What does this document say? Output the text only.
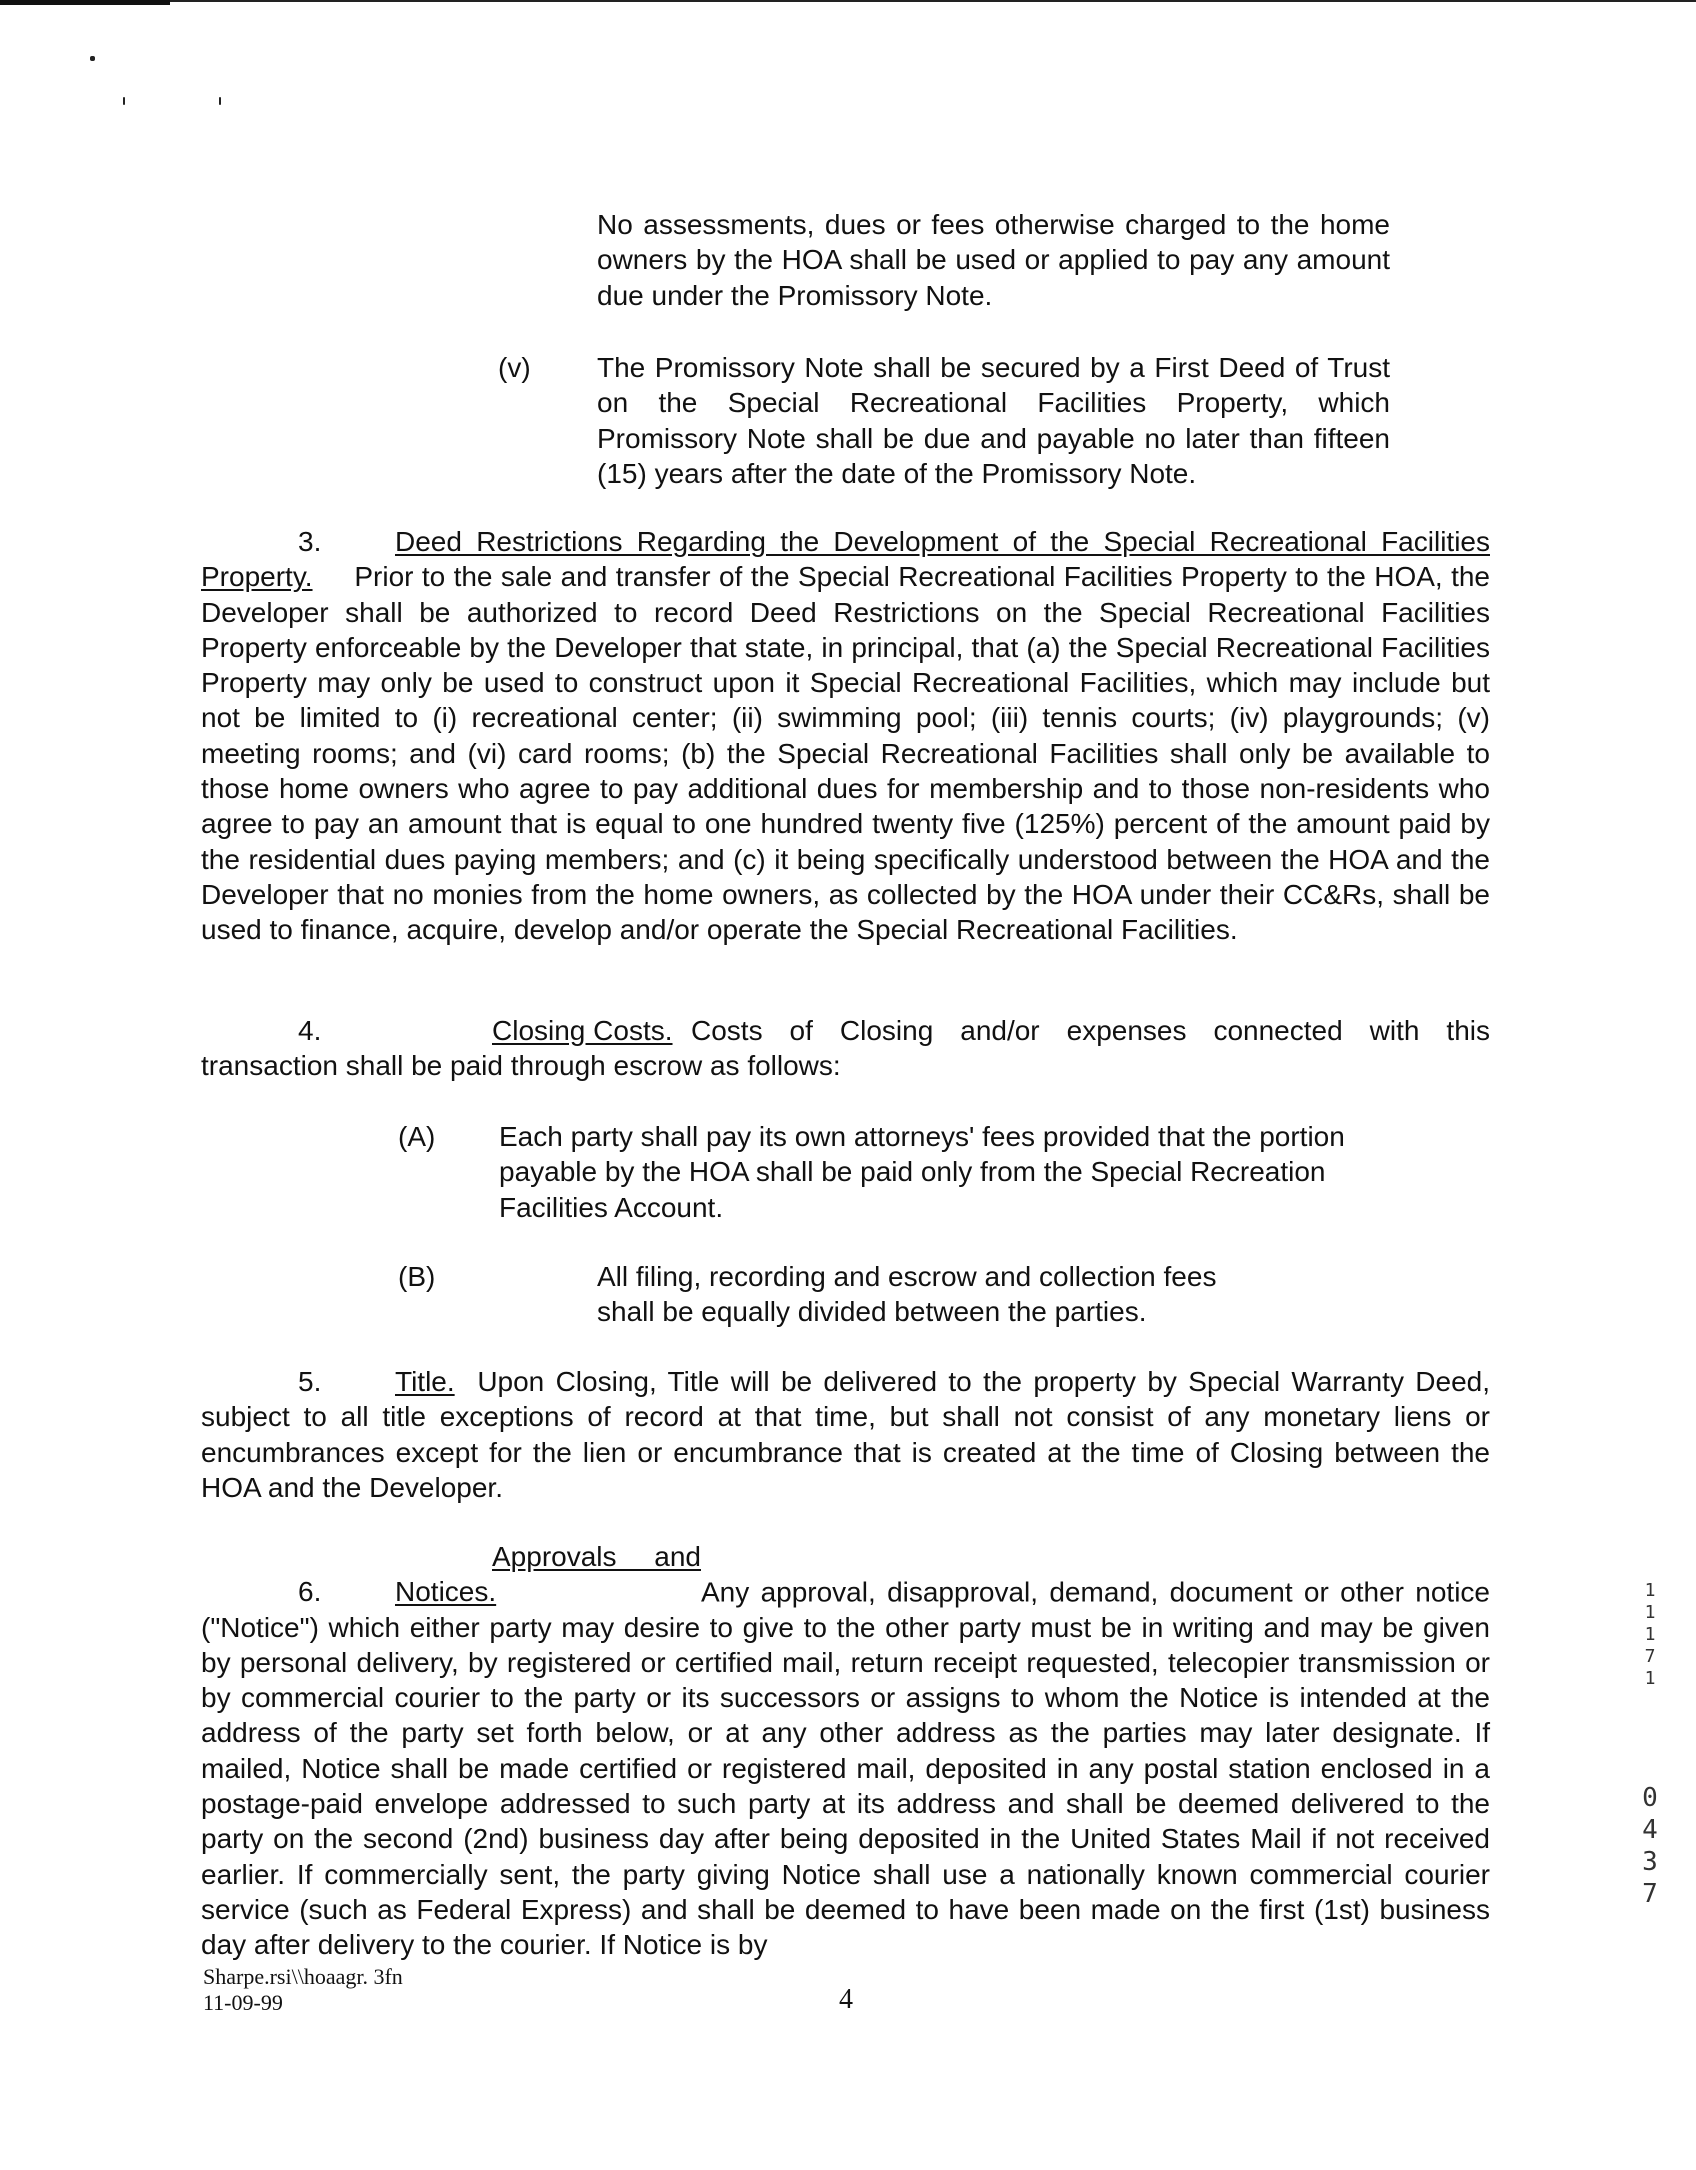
No assessments, dues or fees otherwise charged to the home owners by the HOA shall be used or applied to pay any amount due under the Promissory Note.

(v) The Promissory Note shall be secured by a First Deed of Trust on the Special Recreational Facilities Property, which Promissory Note shall be due and payable no later than fifteen (15) years after the date of the Promissory Note.

3.	Deed Restrictions Regarding the Development of the Special Recreational Facilities Property. Prior to the sale and transfer of the Special Recreational Facilities Property to the HOA, the Developer shall be authorized to record Deed Restrictions on the Special Recreational Facilities Property enforceable by the Developer that state, in principal, that (a) the Special Recreational Facilities Property may only be used to construct upon it Special Recreational Facilities, which may include but not be limited to (i) recreational center; (ii) swimming pool; (iii) tennis courts; (iv) playgrounds; (v) meeting rooms; and (vi) card rooms; (b) the Special Recreational Facilities shall only be available to those home owners who agree to pay additional dues for membership and to those non-residents who agree to pay an amount that is equal to one hundred twenty five (125%) percent of the amount paid by the residential dues paying members; and (c) it being specifically understood between the HOA and the Developer that no monies from the home owners, as collected by the HOA under their CC&Rs, shall be used to finance, acquire, develop and/or operate the Special Recreational Facilities.

4.	Closing Costs. Costs of Closing and/or expenses connected with this transaction shall be paid through escrow as follows:

(A) Each party shall pay its own attorneys' fees provided that the portion payable by the HOA shall be paid only from the Special Recreation Facilities Account.

(B)	All filing, recording and escrow and collection fees
shall be equally divided between the parties.

5.	Title. Upon Closing, Title will be delivered to the property by Special Warranty Deed, subject to all title exceptions of record at that time, but shall not consist of any monetary liens or encumbrances except for the lien or encumbrance that is created at the time of Closing between the HOA and the Developer.

6.Approvals and Notices.	Any approval, disapproval, demand, document or other notice ("Notice") which either party may desire to give to the other party must be in writing and may be given by personal delivery, by registered or certified mail, return receipt requested, telecopier transmission or by commercial courier to the party or its successors or assigns to whom the Notice is intended at the address of the party set forth below, or at any other address as the parties may later designate. If mailed, Notice shall be made certified or registered mail, deposited in any postal station enclosed in a postage-paid envelope addressed to such party at its address and shall be deemed delivered to the party on the second (2nd) business day after being deposited in the United States Mail if not received earlier. If commercially sent, the party giving Notice shall use a nationally known commercial courier service (such as Federal Express) and shall be deemed to have been made on the first (1st) business day after delivery to the courier. If Notice is by

Sharpe.rsi\\hoaagr. 3fn
11-09-99	4
1
1
1
7
1
0
4
3
7
